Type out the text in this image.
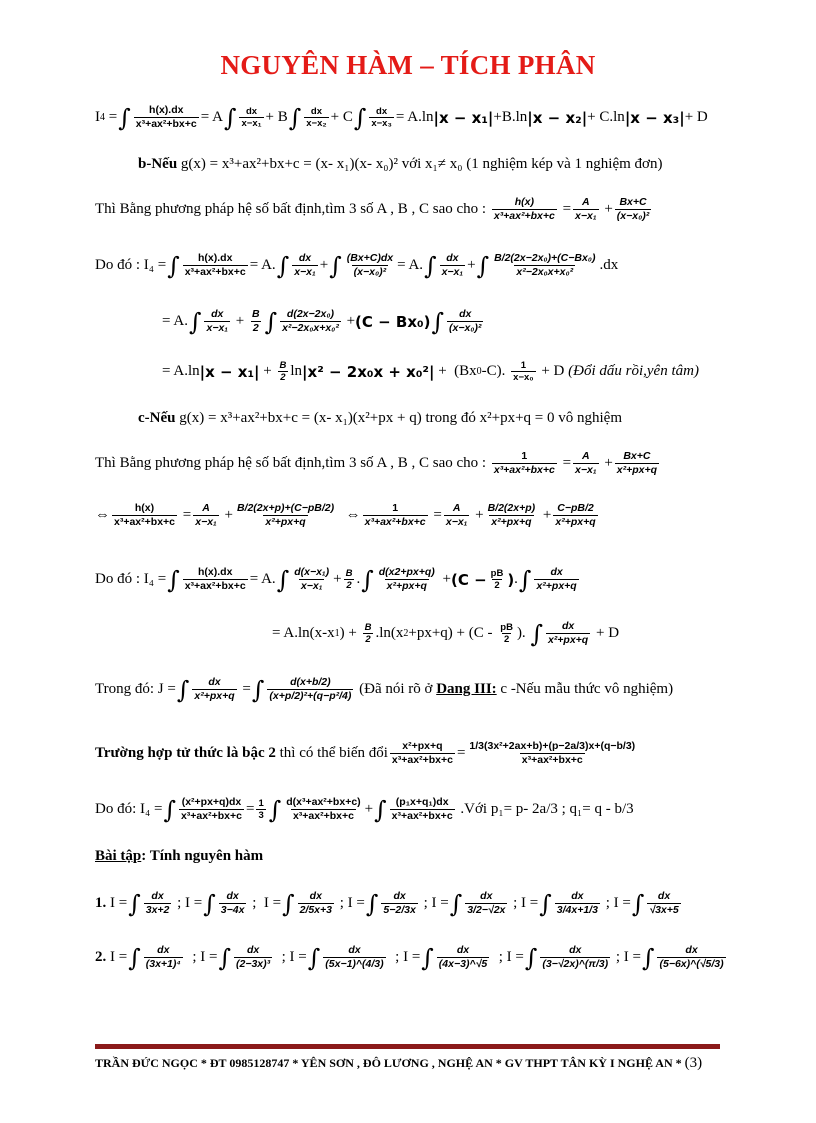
NGUYÊN HÀM – TÍCH PHÂN
I 4 = ∫ $\frac{h(x).dx}{\text{x³+ax²+bx+c}} = A$ ∫ $\frac{dx}{\text{x−x₁}} + B$ ∫ $\frac{dx}{\text{x−x₂}} + C$ ∫ $\frac{dx}{\text{x−x₃}} = A.\ln$ |x − x₁| +B.ln |x − x₂| + C.ln |x − x₃| + D
b-Nếu
g(x) = x³+ax²+bx+c = (x- x₁)(x- x₀)² với x₁≠ x₀ (1 nghiệm kép và 1 nghiệm đơn)
Thì Bằng phương pháp hệ số bất định,tìm 3 số A , B , C sao cho :
$\frac{h(x)}{\text{x³+ax²+bx+c}} = \frac{A}{\text{x−x₁}} + \frac{Bx+C}{\text{(x−x₀)²}}$
Do đó : I₄ = ∫ $\frac{h(x).dx}{\text{x³+ax²+bx+c}} = A$. ∫ $\frac{dx}{\text{x−x₁}}$ + ∫ $\frac{(Bx+C)dx}{\text{(x−x₀)²}} = A$. ∫ $\frac{dx}{\text{x−x₁}}$ + ∫ $\frac{\text{B/2(2x−2x₀)+(C−Bx₀)}}{\text{x²−2x₀x+x₀²}} .dx$
= A. ∫ $\frac{dx}{\text{x−x₁}} + \frac{B}{2}$ ∫ $\frac{\text{d(2x−2x₀)}}{\text{x²−2x₀x+x₀²}} + (C - Bx_0)$ ∫ $\frac{dx}{\text{(x−x₀)²}}$
= A.ln $|x - x_1| + \frac{B}{2}$ ln |x² − 2x₀x + x₀²| +  (Bx 0 -C). $\frac{1}{\text{x−x₀}} + D$ (Đổi dấu rồi,yên tâm)
c-Nếu
g(x) = x³+ax²+bx+c = (x- x₁)(x²+px + q) trong đó x²+px+q = 0 vô nghiệm
Thì Bằng phương pháp hệ số bất định,tìm 3 số A , B , C sao cho :
$\frac{1}{\text{x³+ax²+bx+c}} = \frac{A}{\text{x−x₁}} + \frac{Bx+C}{\text{x²+px+q}}$
⇔ $\frac{h(x)}{\text{x³+ax²+bx+c}} = \frac{A}{\text{x−x₁}} + \frac{B/2(2x+p)+(C-pB/2)}{\text{x²+px+q}}$ ⇔ $\frac{1}{\text{x³+ax²+bx+c}} = \frac{A}{\text{x−x₁}} + \frac{B/2(2x+p)}{\text{x²+px+q}} + \frac{C-pB/2}{\text{x²+px+q}}$
Do đó : I₄ = ∫ $\frac{h(x).dx}{\text{x³+ax²+bx+c}} = A$. ∫ $\frac{\text{d(x−x₁)}}{\text{x−x₁}} + \frac{B}{2}$ . ∫ $\frac{d(x2+px+q)}{\text{x²+px+q}} + (C - \frac{pB}{2}$ ) . ∫ $\frac{dx}{\text{x²+px+q}}$
= A.ln(x-x 1 ) + $\frac{B}{2} .\ln(x$ $2 +px+q) + (C - \frac{pB}{2}$ ). ∫ $\frac{dx}{\text{x²+px+q}} + D$
Trong đó: J = ∫ $\frac{dx}{\text{x²+px+q}}$ = ∫ $\frac{d(x+b/2)}{\text{(x+p/2)²+(q−p²/4)}}$
(Đã nói rõ ở
Dang III:
c -Nếu mẫu thức vô nghiệm)
Trường hợp tử thức là bậc 2
thì có thể biến đổi $\frac{\text{x²+px+q}}{\text{x³+ax²+bx+c}} = \frac{\text{1/3(3x²+2ax+b)+(p−2a/3)x+(q−b/3)}}{\text{x³+ax²+bx+c}}$
Do đó: I₄ = ∫ $\frac{\text{(x²+px+q)dx}}{\text{x³+ax²+bx+c}} = \frac{1}{3}$ ∫ $\frac{\text{d(x³+ax²+bx+c)}}{\text{x³+ax²+bx+c}}$ + ∫ $\frac{\text{(p₁x+q₁)dx}}{\text{x³+ax²+bx+c}}$
.Với p₁= p- 2a/3 ; q₁= q - b/3
Bài tập : Tính nguyên hàm
1. I = ∫ $\frac{dx}{3x+2}$ ; I = ∫ $\frac{dx}{3-4x}$ ;  I = ∫ $\frac{dx}{2/5x+3}$ ; I = ∫ $\frac{dx}{5-2/3x}$ ; I = ∫ $\frac{dx}{3/2-√2x}$ ; I = ∫ $\frac{dx}{3/4x+1/3}$ ; I = ∫ $\frac{dx}{√3x+5}$
2. I = ∫ $\frac{dx}{\text{(3x+1)⁴}}$ ; I = ∫ $\frac{dx}{\text{(2−3x)³}}$ ; I = ∫ $\frac{dx}{(5x-1)\^{}(4/3)}$ ; I = ∫ $\frac{dx}{(4x-3)\^{}√5}$ ; I = ∫ $\frac{dx}{(3-√2x)\^{}(\pi/3)}$ ; I = ∫ $\frac{dx}{(5-6x)\^{}(√5/3)}$
TRẦN ĐỨC NGỌC * ĐT 0985128747 * YÊN SƠN , ĐÔ LƯƠNG , NGHỆ AN * GV THPT TÂN KỲ I NGHỆ AN * (3)
